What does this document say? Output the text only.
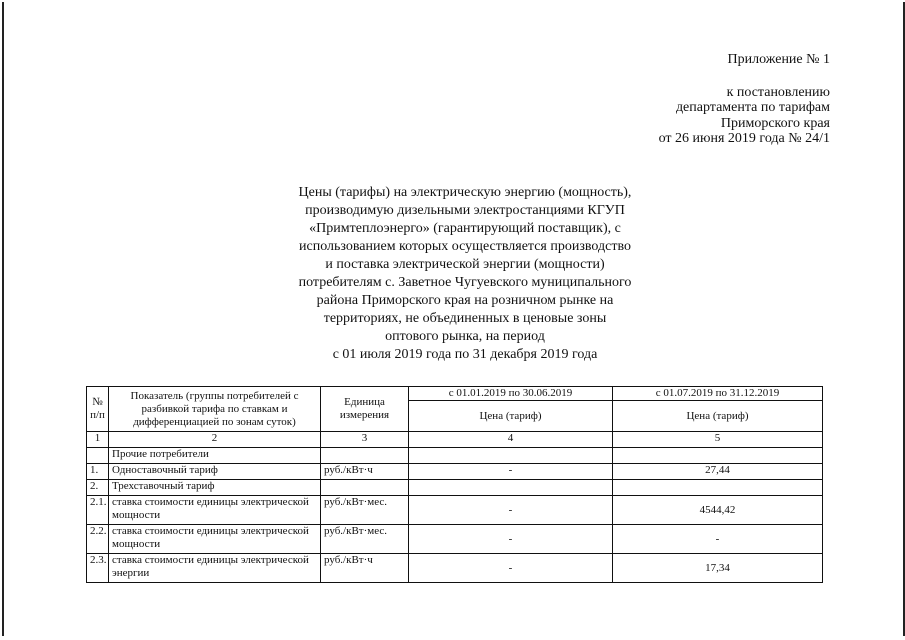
Приложение № 1
к постановлению
департамента по тарифам
Приморского края
от 26 июня 2019 года № 24/1
Цены (тарифы) на электрическую энергию (мощность),
производимую дизельными электростанциями КГУП
«Примтеплоэнерго» (гарантирующий поставщик), с
использованием которых осуществляется производство
и поставка электрической энергии (мощности)
потребителям с. Заветное Чугуевского муниципального
района Приморского края на розничном рынке на
территориях, не объединенных в ценовые зоны
оптового рынка, на период
с 01 июля 2019 года по 31 декабря 2019 года
№ п/п	Показатель (группы потребителей с разбивкой тарифа по ставкам и дифференциацией по зонам суток)	Единица измерения	с 01.01.2019 по 30.06.2019	с 01.07.2019 по 31.12.2019
			Цена (тариф)	Цена (тариф)
1	2	3	4	5
	Прочие потребители			
1.	Одноставочный тариф	руб./кВт·ч	-	27,44
2.	Трехставочный тариф			
2.1.	ставка стоимости единицы электрической мощности	руб./кВт·мес.	-	4544,42
2.2.	ставка стоимости единицы электрической мощности	руб./кВт·мес.	-	-
2.3.	ставка стоимости единицы электрической энергии	руб./кВт·ч	-	17,34
